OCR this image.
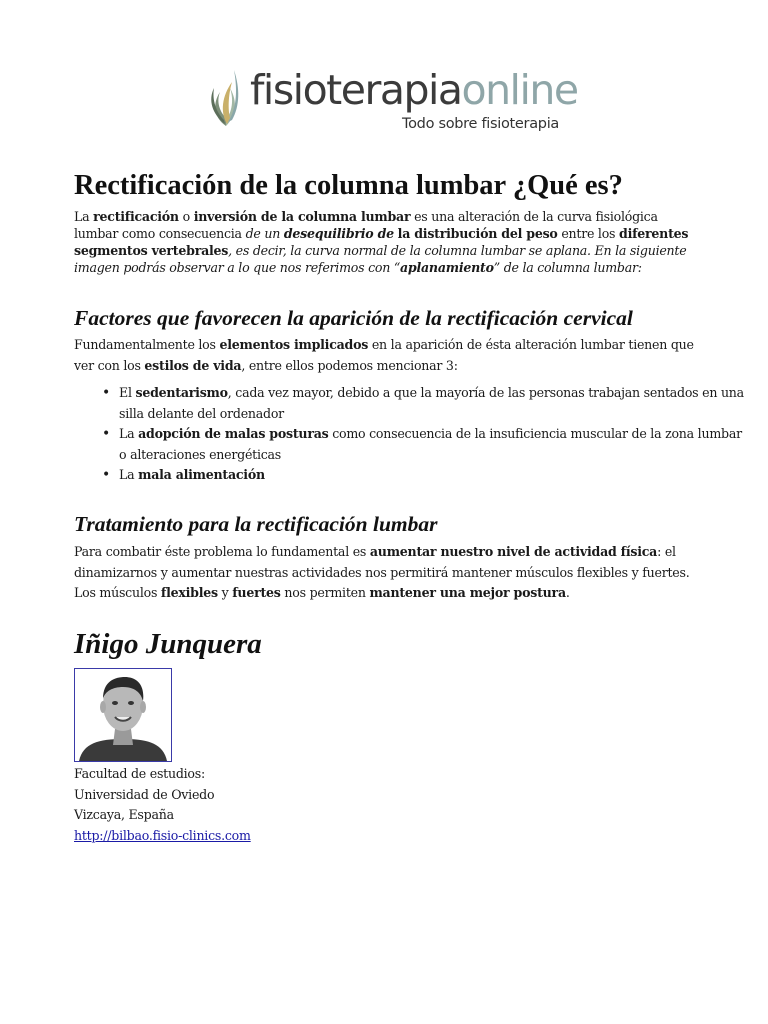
fisioterapiaonline
Todo sobre fisioterapia
Rectificación de la columna lumbar ¿Qué es?

La rectificación o inversión de la columna lumbar es una alteración de la curva fisiológica lumbar como consecuencia de un desequilibrio de la distribución del peso entre los diferentes segmentos vertebrales, es decir, la curva normal de la columna lumbar se aplana. En la siguiente imagen podrás observar a lo que nos referimos con “aplanamiento” de la columna lumbar:

Factores que favorecen la aparición de la rectificación cervical

Fundamentalmente los elementos implicados en la aparición de ésta alteración lumbar tienen que ver con los estilos de vida, entre ellos podemos mencionar 3:

• El sedentarismo, cada vez mayor, debido a que la mayoría de las personas trabajan sentados en una silla delante del ordenador
• La adopción de malas posturas como consecuencia de la insuficiencia muscular de la zona lumbar o alteraciones energéticas
• La mala alimentación
Tratamiento para la rectificación lumbar

Para combatir éste problema lo fundamental es aumentar nuestro nivel de actividad física: el dinamizarnos y aumentar nuestras actividades nos permitirá mantener músculos flexibles y fuertes. Los músculos flexibles y fuertes nos permiten mantener una mejor postura.

Iñigo Junquera
Facultad de estudios:
Universidad de Oviedo
Vizcaya, España
http://bilbao.fisio-clinics.com
